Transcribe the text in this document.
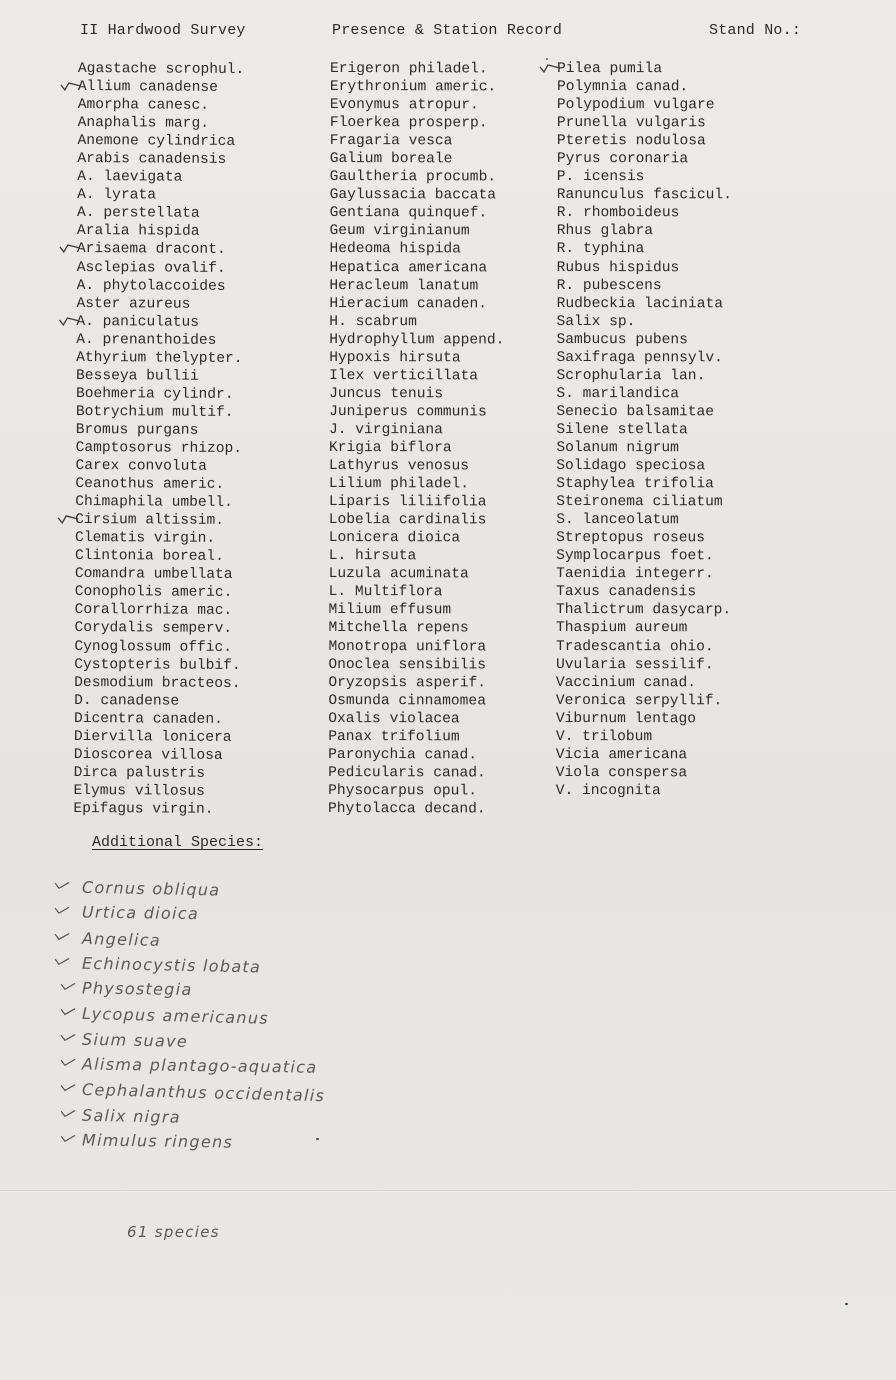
II Hardwood Survey	Presence & Station Record	Stand No.:
Agastache scrophul.
Allium canadense
Amorpha canesc.
Anaphalis marg.
Anemone cylindrica
Arabis canadensis
A. laevigata
A. lyrata
A. perstellata
Aralia hispida
Arisaema dracont.
Asclepias ovalif.
A. phytolaccoides
Aster azureus
A. paniculatus
A. prenanthoides
Athyrium thelypter.
Besseya bullii
Boehmeria cylindr.
Botrychium multif.
Bromus purgans
Camptosorus rhizop.
Carex convoluta
Ceanothus americ.
Chimaphila umbell.
Cirsium altissim.
Clematis virgin.
Clintonia boreal.
Comandra umbellata
Conopholis americ.
Corallorrhiza mac.
Corydalis semperv.
Cynoglossum offic.
Cystopteris bulbif.
Desmodium bracteos.
D. canadense
Dicentra canaden.
Diervilla lonicera
Dioscorea villosa
Dirca palustris
Elymus villosus
Epifagus virgin.
Erigeron philadel.
Erythronium americ.
Evonymus atropur.
Floerkea prosperp.
Fragaria vesca
Galium boreale
Gaultheria procumb.
Gaylussacia baccata
Gentiana quinquef.
Geum virginianum
Hedeoma hispida
Hepatica americana
Heracleum lanatum
Hieracium canaden.
H. scabrum
Hydrophyllum append.
Hypoxis hirsuta
Ilex verticillata
Juncus tenuis
Juniperus communis
J. virginiana
Krigia biflora
Lathyrus venosus
Lilium philadel.
Liparis liliifolia
Lobelia cardinalis
Lonicera dioica
L. hirsuta
Luzula acuminata
L. Multiflora
Milium effusum
Mitchella repens
Monotropa uniflora
Onoclea sensibilis
Oryzopsis asperif.
Osmunda cinnamomea
Oxalis violacea
Panax trifolium
Paronychia canad.
Pedicularis canad.
Physocarpus opul.
Phytolacca decand.
Pilea pumila
Polymnia canad.
Polypodium vulgare
Prunella vulgaris
Pteretis nodulosa
Pyrus coronaria
P. icensis
Ranunculus fascicul.
R. rhomboideus
Rhus glabra
R. typhina
Rubus hispidus
R. pubescens
Rudbeckia laciniata
Salix sp.
Sambucus pubens
Saxifraga pennsylv.
Scrophularia lan.
S. marilandica
Senecio balsamitae
Silene stellata
Solanum nigrum
Solidago speciosa
Staphylea trifolia
Steironema ciliatum
S. lanceolatum
Streptopus roseus
Symplocarpus foet.
Taenidia integerr.
Taxus canadensis
Thalictrum dasycarp.
Thaspium aureum
Tradescantia ohio.
Uvularia sessilif.
Vaccinium canad.
Veronica serpyllif.
Viburnum lentago
V. trilobum
Vicia americana
Viola conspersa
V. incognita
Additional Species:
Cornus obliqua
Urtica dioica
Angelica
Echinocystis lobata
Physostegia
Lycopus americanus
Sium suave
Alisma plantago-aquatica
Cephalanthus occidentalis
Salix nigra
Mimulus ringens
61 species
